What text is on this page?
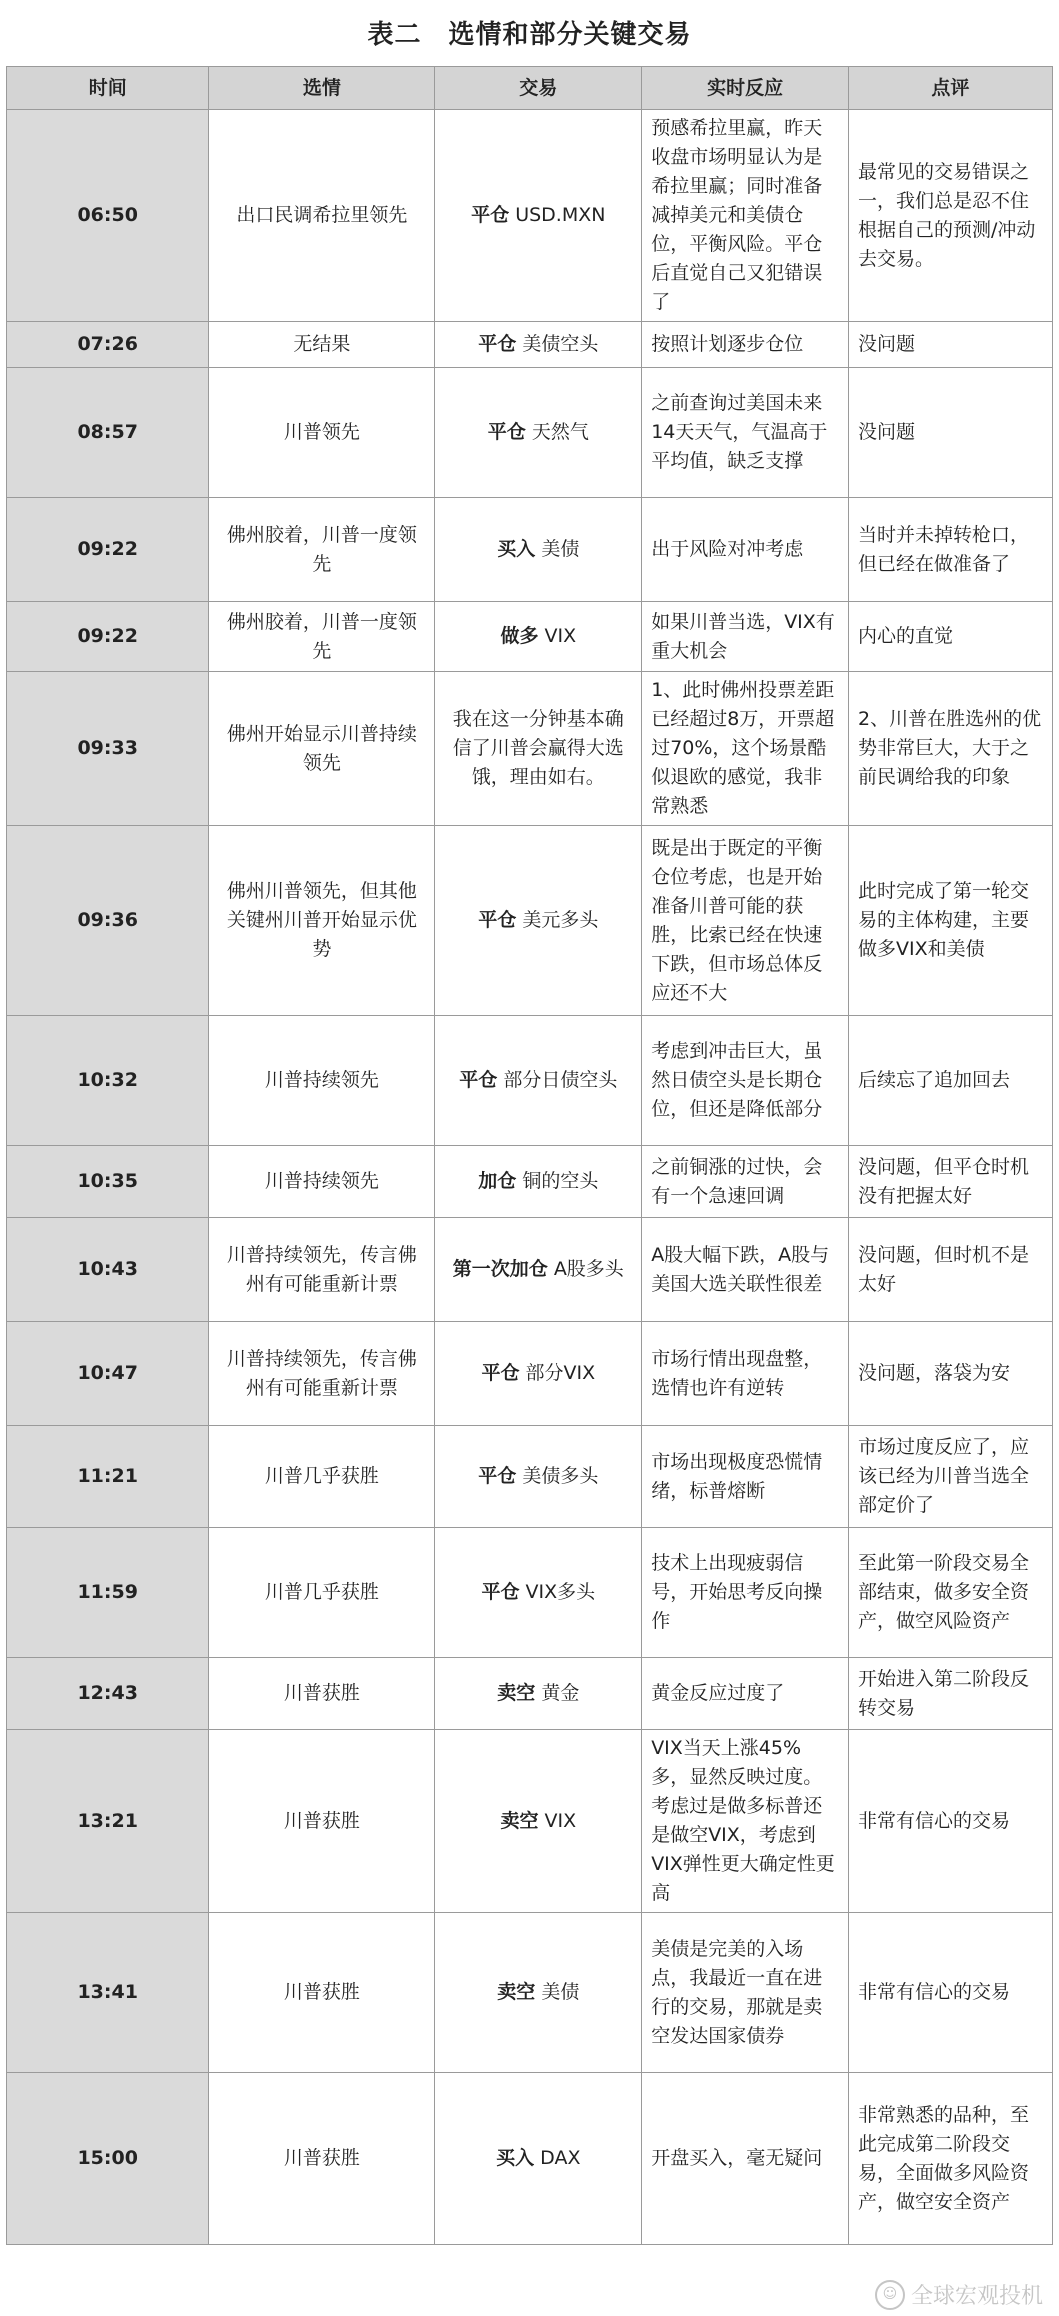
表二　选情和部分关键交易
时间	选情	交易	实时反应	点评
06:50	出口民调希拉里领先	平仓 USD.MXN	预感希拉里赢，昨天收盘市场明显认为是希拉里赢；同时准备减掉美元和美债仓位，平衡风险。平仓后直觉自己又犯错误了	最常见的交易错误之一，我们总是忍不住根据自己的预测/冲动去交易。
07:26	无结果	平仓 美债空头	按照计划逐步仓位	没问题
08:57	川普领先	平仓 天然气	之前查询过美国未来14天天气，气温高于平均值，缺乏支撑	没问题
09:22	佛州胶着，川普一度领先	买入 美债	出于风险对冲考虑	当时并未掉转枪口，但已经在做准备了
09:22	佛州胶着，川普一度领先	做多 VIX	如果川普当选，VIX有重大机会	内心的直觉
09:33	佛州开始显示川普持续领先	我在这一分钟基本确信了川普会赢得大选饿，理由如右。	1、此时佛州投票差距已经超过8万，开票超过70%，这个场景酷似退欧的感觉，我非常熟悉	2、川普在胜选州的优势非常巨大，大于之前民调给我的印象
09:36	佛州川普领先，但其他关键州川普开始显示优势	平仓 美元多头	既是出于既定的平衡仓位考虑，也是开始准备川普可能的获胜，比索已经在快速下跌，但市场总体反应还不大	此时完成了第一轮交易的主体构建，主要做多VIX和美债
10:32	川普持续领先	平仓 部分日债空头	考虑到冲击巨大，虽然日债空头是长期仓位，但还是降低部分	后续忘了追加回去
10:35	川普持续领先	加仓 铜的空头	之前铜涨的过快，会有一个急速回调	没问题，但平仓时机没有把握太好
10:43	川普持续领先，传言佛州有可能重新计票	第一次加仓 A股多头	A股大幅下跌，A股与美国大选关联性很差	没问题，但时机不是太好
10:47	川普持续领先，传言佛州有可能重新计票	平仓 部分VIX	市场行情出现盘整，选情也许有逆转	没问题，落袋为安
11:21	川普几乎获胜	平仓 美债多头	市场出现极度恐慌情绪，标普熔断	市场过度反应了，应该已经为川普当选全部定价了
11:59	川普几乎获胜	平仓 VIX多头	技术上出现疲弱信号，开始思考反向操作	至此第一阶段交易全部结束，做多安全资产，做空风险资产
12:43	川普获胜	卖空 黄金	黄金反应过度了	开始进入第二阶段反转交易
13:21	川普获胜	卖空 VIX	VIX当天上涨45%多，显然反映过度。考虑过是做多标普还是做空VIX，考虑到VIX弹性更大确定性更高	非常有信心的交易
13:41	川普获胜	卖空 美债	美债是完美的入场点，我最近一直在进行的交易，那就是卖空发达国家债券	非常有信心的交易
15:00	川普获胜	买入 DAX	开盘买入，毫无疑问	非常熟悉的品种，至此完成第二阶段交易，全面做多风险资产，做空安全资产
☺ 全球宏观投机
